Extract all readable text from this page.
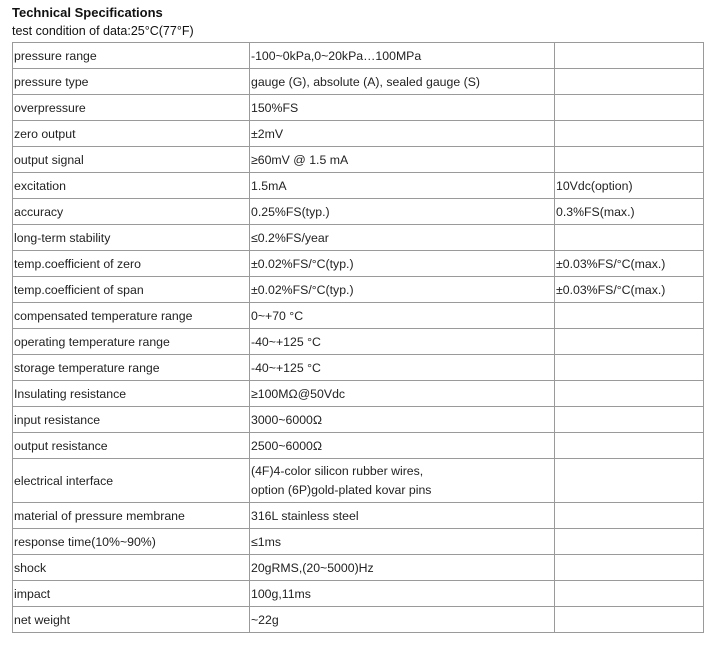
Technical Specifications
test condition of data:25°C(77°F)
pressure range	-100~0kPa,0~20kPa…100MPa	
pressure type	gauge (G), absolute (A), sealed gauge (S)	
overpressure	150%FS	
zero output	±2mV	
output signal	≥60mV @ 1.5 mA	
excitation	1.5mA	10Vdc(option)
accuracy	0.25%FS(typ.)	0.3%FS(max.)
long-term stability	≤0.2%FS/year	
temp.coefficient of zero	±0.02%FS/°C(typ.)	±0.03%FS/°C(max.)
temp.coefficient of span	±0.02%FS/°C(typ.)	±0.03%FS/°C(max.)
compensated temperature range	0~+70 °C	
operating temperature range	-40~+125 °C	
storage temperature range	-40~+125 °C	
Insulating resistance	≥100MΩ@50Vdc	
input resistance	3000~6000Ω	
output resistance	2500~6000Ω	
electrical interface	(4F)4-color silicon rubber wires,
option (6P)gold-plated kovar pins	

material of pressure membrane	316L stainless steel	
response time(10%~90%)	≤1ms	
shock	20gRMS,(20~5000)Hz	
impact	100g,11ms	
net weight	~22g	
